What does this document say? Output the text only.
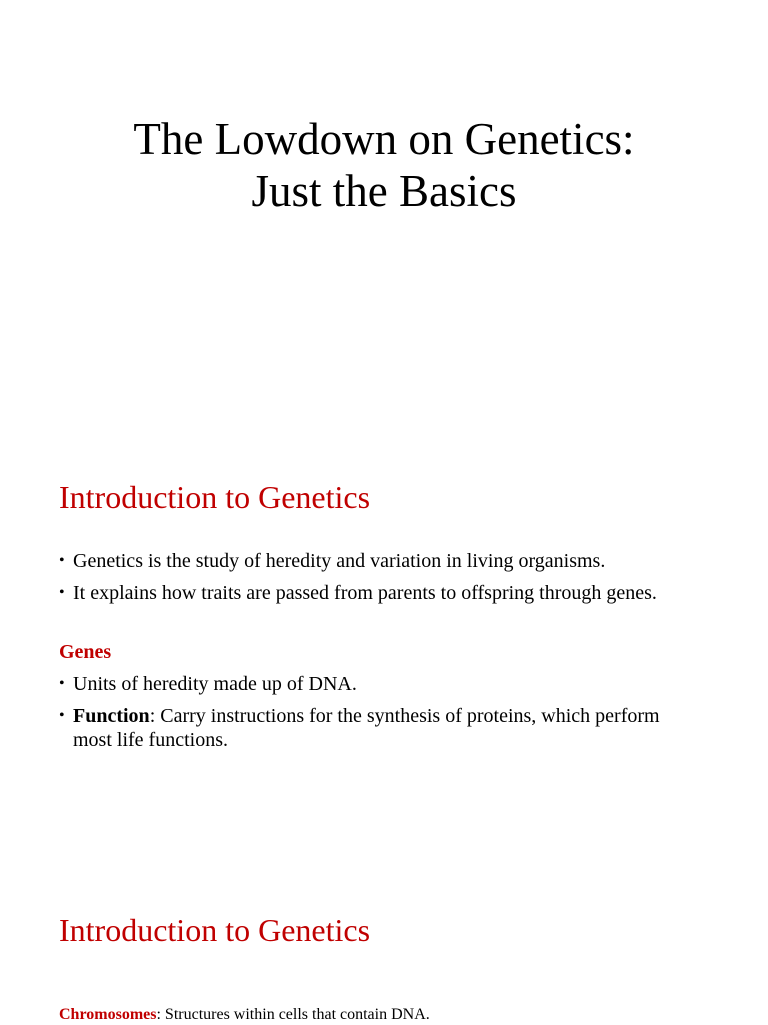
The Lowdown on Genetics:
Just the Basics
Introduction to Genetics
• Genetics is the study of heredity and variation in living organisms.
• It explains how traits are passed from parents to offspring through genes.
Genes
• Units of heredity made up of DNA.
• Function: Carry instructions for the synthesis of proteins, which perform most life functions.
Introduction to Genetics

Chromosomes: Structures within cells that contain DNA.
